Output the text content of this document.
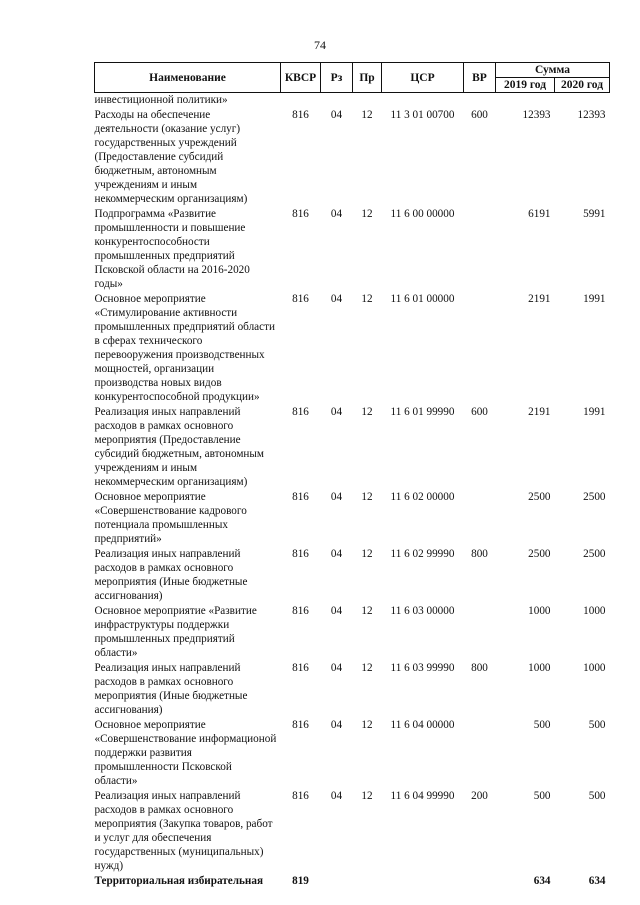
74
Наименование	КВСР	Рз	Пр	ЦСР	ВР	Сумма	
						2019 год	2020 год
инвестиционной политики»							
Расходы на обеспечение деятельности (оказание услуг) государственных учреждений (Предоставление субсидий бюджетным, автономным учреждениям и иным некоммерческим организациям)	816	04	12	11 3 01 00700	600	12393	12393
Подпрограмма «Развитие промышленности и повышение конкурентоспособности промышленных предприятий Псковской области на 2016-2020 годы»	816	04	12	11 6 00 00000		6191	5991
Основное мероприятие «Стимулирование активности промышленных предприятий области в сферах технического перевооружения производственных мощностей, организации производства новых видов конкурентоспособной продукции»	816	04	12	11 6 01 00000		2191	1991
Реализация иных направлений расходов в рамках основного мероприятия (Предоставление субсидий бюджетным, автономным учреждениям и иным некоммерческим организациям)	816	04	12	11 6 01 99990	600	2191	1991
Основное мероприятие «Совершенствование кадрового потенциала промышленных предприятий»	816	04	12	11 6 02 00000		2500	2500
Реализация иных направлений расходов в рамках основного мероприятия (Иные бюджетные ассигнования)	816	04	12	11 6 02 99990	800	2500	2500
Основное мероприятие «Развитие инфраструктуры поддержки промышленных предприятий области»	816	04	12	11 6 03 00000		1000	1000
Реализация иных направлений расходов в рамках основного мероприятия (Иные бюджетные ассигнования)	816	04	12	11 6 03 99990	800	1000	1000
Основное мероприятие «Совершенствование информационой поддержки развития промышленности Псковской области»	816	04	12	11 6 04 00000		500	500
Реализация иных направлений расходов в рамках основного мероприятия (Закупка товаров, работ и услуг для обеспечения государственных (муниципальных) нужд)	816	04	12	11 6 04 99990	200	500	500
Территориальная избирательная	819					634	634
